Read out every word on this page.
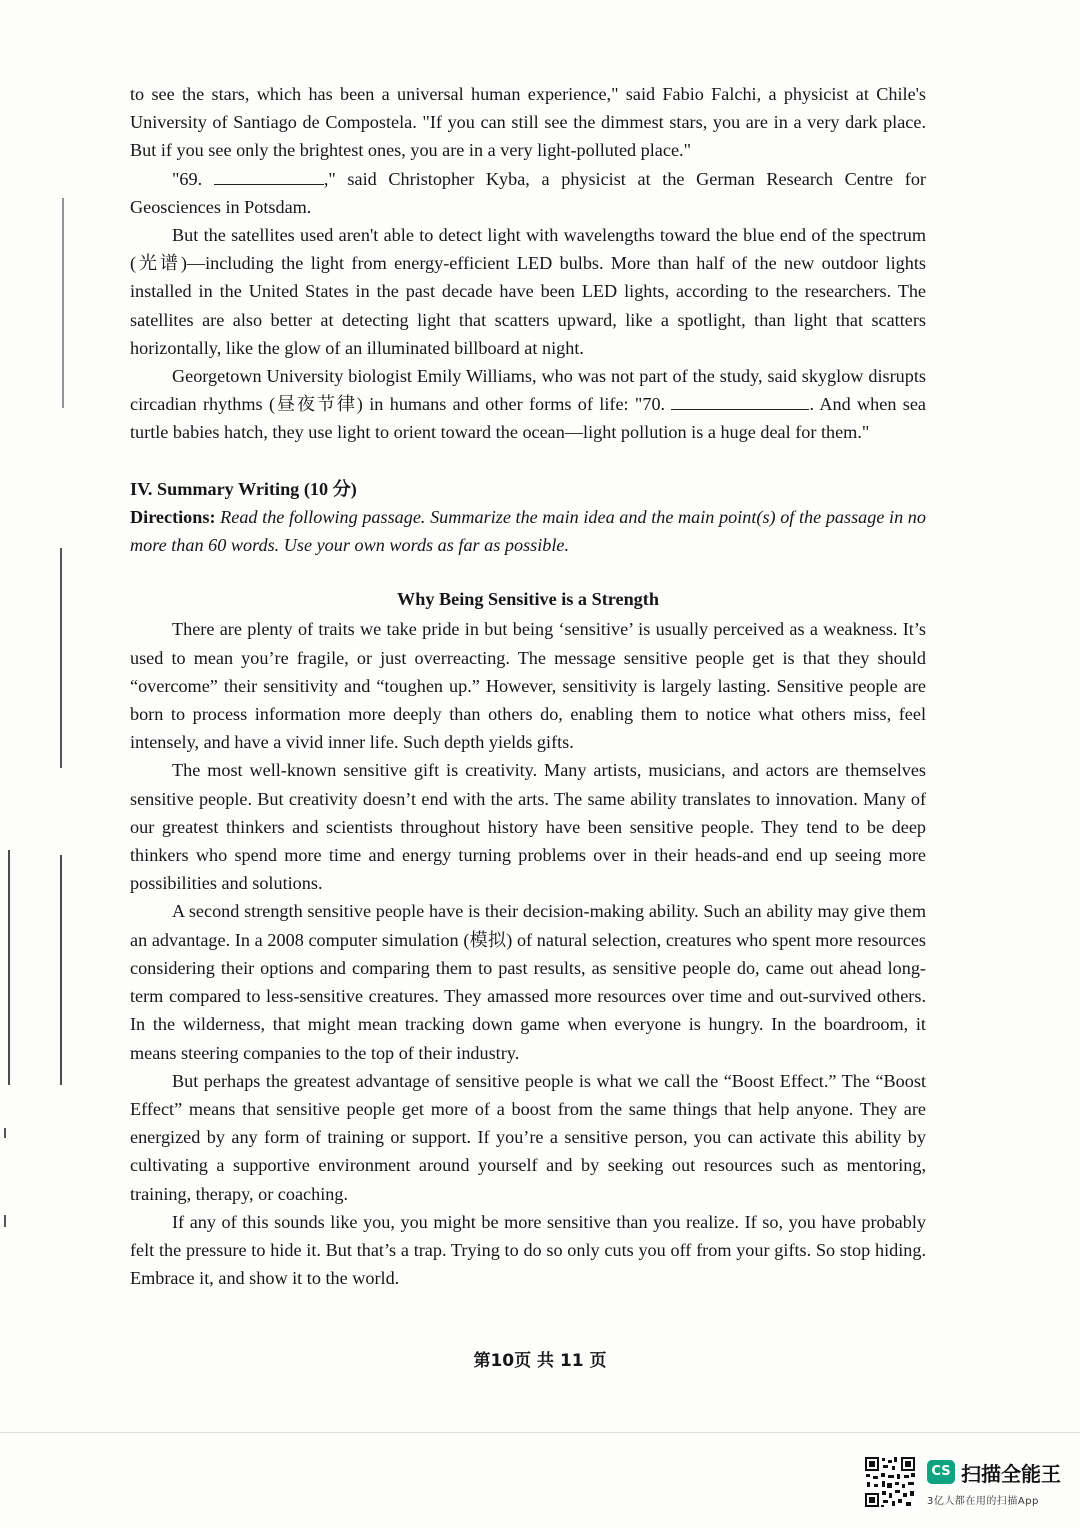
to see the stars, which has been a universal human experience," said Fabio Falchi, a physicist at Chile's University of Santiago de Compostela. "If you can still see the dimmest stars, you are in a very dark place. But if you see only the brightest ones, you are in a very light-polluted place."

"69.	," said Christopher Kyba, a physicist at the German Research Centre for Geosciences in Potsdam.

But the satellites used aren't able to detect light with wavelengths toward the blue end of the spectrum (光谱)—including the light from energy-efficient LED bulbs. More than half of the new outdoor lights installed in the United States in the past decade have been LED lights, according to the researchers. The satellites are also better at detecting light that scatters upward, like a spotlight, than light that scatters horizontally, like the glow of an illuminated billboard at night.

Georgetown University biologist Emily Williams, who was not part of the study, said skyglow disrupts circadian rhythms (昼夜节律) in humans and other forms of life: "70.	. And when sea turtle babies hatch, they use light to orient toward the ocean—light pollution is a huge deal for them."

IV. Summary Writing (10 分)

Directions: Read the following passage. Summarize the main idea and the main point(s) of the passage in no more than 60 words. Use your own words as far as possible.

Why Being Sensitive is a Strength

There are plenty of traits we take pride in but being ‘sensitive’ is usually perceived as a weakness. It’s used to mean you’re fragile, or just overreacting. The message sensitive people get is that they should “overcome” their sensitivity and “toughen up.” However, sensitivity is largely lasting. Sensitive people are born to process information more deeply than others do, enabling them to notice what others miss, feel intensely, and have a vivid inner life. Such depth yields gifts.

The most well-known sensitive gift is creativity. Many artists, musicians, and actors are themselves sensitive people. But creativity doesn’t end with the arts. The same ability translates to innovation. Many of our greatest thinkers and scientists throughout history have been sensitive people. They tend to be deep thinkers who spend more time and energy turning problems over in their heads-and end up seeing more possibilities and solutions.

A second strength sensitive people have is their decision-making ability. Such an ability may give them an advantage. In a 2008 computer simulation (模拟) of natural selection, creatures who spent more resources considering their options and comparing them to past results, as sensitive people do, came out ahead long-term compared to less-sensitive creatures. They amassed more resources over time and out-survived others. In the wilderness, that might mean tracking down game when everyone is hungry. In the boardroom, it means steering companies to the top of their industry.

But perhaps the greatest advantage of sensitive people is what we call the “Boost Effect.” The “Boost Effect” means that sensitive people get more of a boost from the same things that help anyone. They are energized by any form of training or support. If you’re a sensitive person, you can activate this ability by cultivating a supportive environment around yourself and by seeking out resources such as mentoring, training, therapy, or coaching.

If any of this sounds like you, you might be more sensitive than you realize. If so, you have probably felt the pressure to hide it. But that’s a trap. Trying to do so only cuts you off from your gifts. So stop hiding. Embrace it, and show it to the world.

第10页 共 11 页
CS 扫描全能王
3亿人都在用的扫描App
